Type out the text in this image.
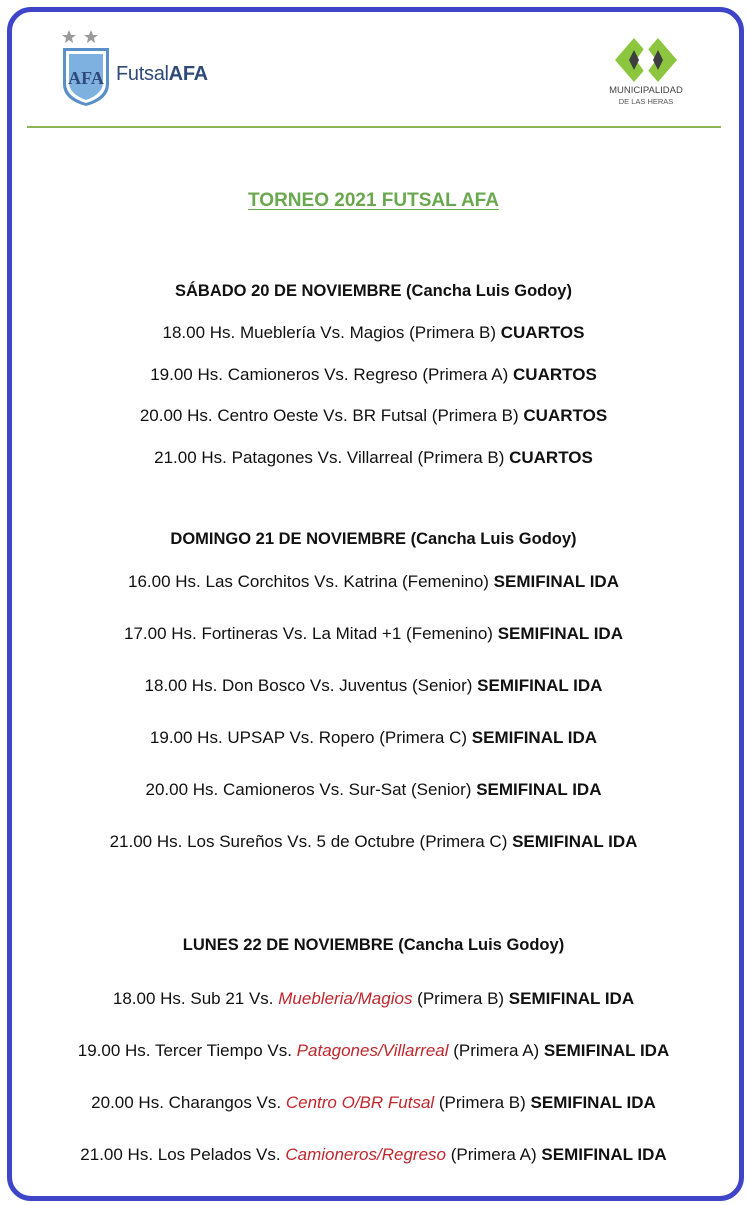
AFA FutsalAFA
MUNICIPALIDAD
DE LAS HERAS
TORNEO 2021 FUTSAL AFA
SÁBADO 20 DE NOVIEMBRE (Cancha Luis Godoy)
18.00 Hs. Mueblería Vs. Magios (Primera B) CUARTOS
19.00 Hs. Camioneros Vs. Regreso (Primera A) CUARTOS
20.00 Hs. Centro Oeste Vs. BR Futsal (Primera B) CUARTOS
21.00 Hs. Patagones Vs. Villarreal (Primera B) CUARTOS
DOMINGO 21 DE NOVIEMBRE (Cancha Luis Godoy)
16.00 Hs. Las Corchitos Vs. Katrina (Femenino) SEMIFINAL IDA
17.00 Hs. Fortineras Vs. La Mitad +1 (Femenino) SEMIFINAL IDA
18.00 Hs. Don Bosco Vs. Juventus (Senior) SEMIFINAL IDA
19.00 Hs. UPSAP Vs. Ropero (Primera C) SEMIFINAL IDA
20.00 Hs. Camioneros Vs. Sur-Sat (Senior) SEMIFINAL IDA
21.00 Hs. Los Sureños Vs. 5 de Octubre (Primera C) SEMIFINAL IDA
LUNES 22 DE NOVIEMBRE (Cancha Luis Godoy)
18.00 Hs. Sub 21 Vs. Muebleria/Magios (Primera B) SEMIFINAL IDA
19.00 Hs. Tercer Tiempo Vs. Patagones/Villarreal (Primera A) SEMIFINAL IDA
20.00 Hs. Charangos Vs. Centro O/BR Futsal (Primera B) SEMIFINAL IDA
21.00 Hs. Los Pelados Vs. Camioneros/Regreso (Primera A) SEMIFINAL IDA
